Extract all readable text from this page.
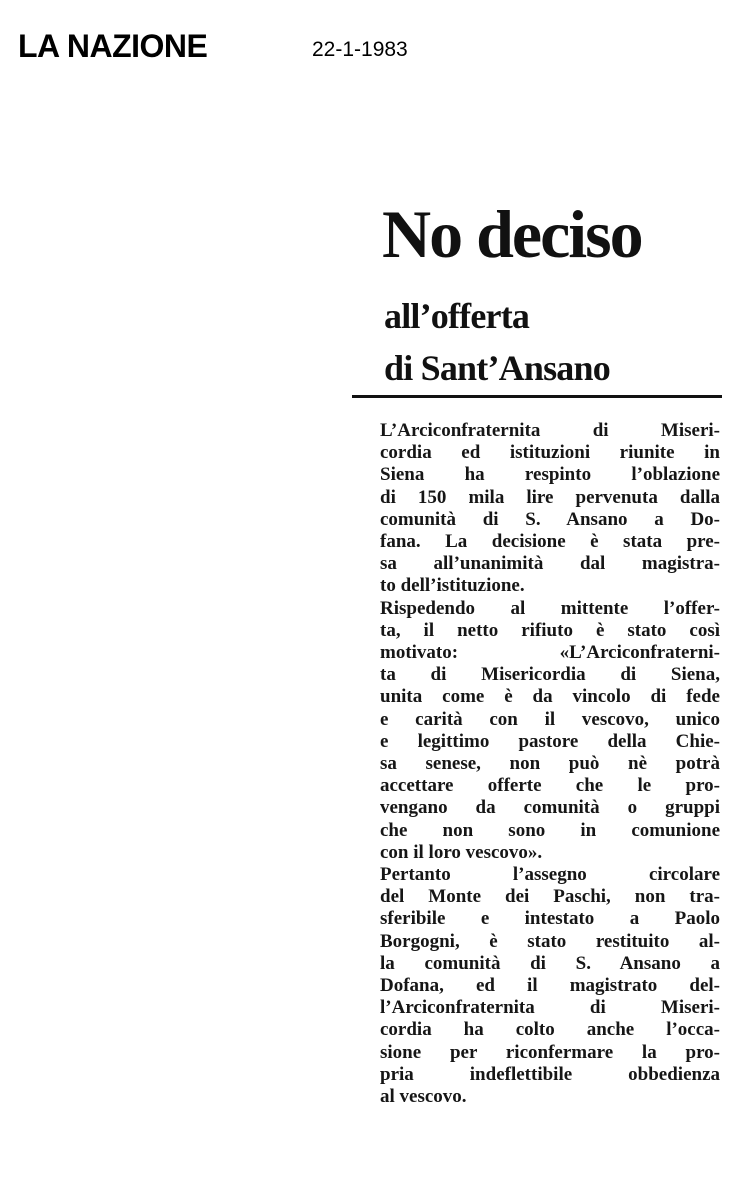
LA NAZIONE	22-1-1983
No deciso
all’offerta
di Sant’Ansano
L’Arciconfraternita di Miseri-
cordia ed istituzioni riunite in
Siena ha respinto l’oblazione
di 150 mila lire pervenuta dalla
comunità di S. Ansano a Do-
fana. La decisione è stata pre-
sa all’unanimità dal magistra-
to dell’istituzione.
Rispedendo al mittente l’offer-
ta, il netto rifiuto è stato così
motivato: «L’Arciconfraterni-
ta di Misericordia di Siena,
unita come è da vincolo di fede
e carità con il vescovo, unico
e legittimo pastore della Chie-
sa senese, non può nè potrà
accettare offerte che le pro-
vengano da comunità o gruppi
che non sono in comunione
con il loro vescovo».
Pertanto l’assegno circolare
del Monte dei Paschi, non tra-
sferibile e intestato a Paolo
Borgogni, è stato restituito al-
la comunità di S. Ansano a
Dofana, ed il magistrato del-
l’Arciconfraternita di Miseri-
cordia ha colto anche l’occa-
sione per riconfermare la pro-
pria indeflettibile obbedienza
al vescovo.
